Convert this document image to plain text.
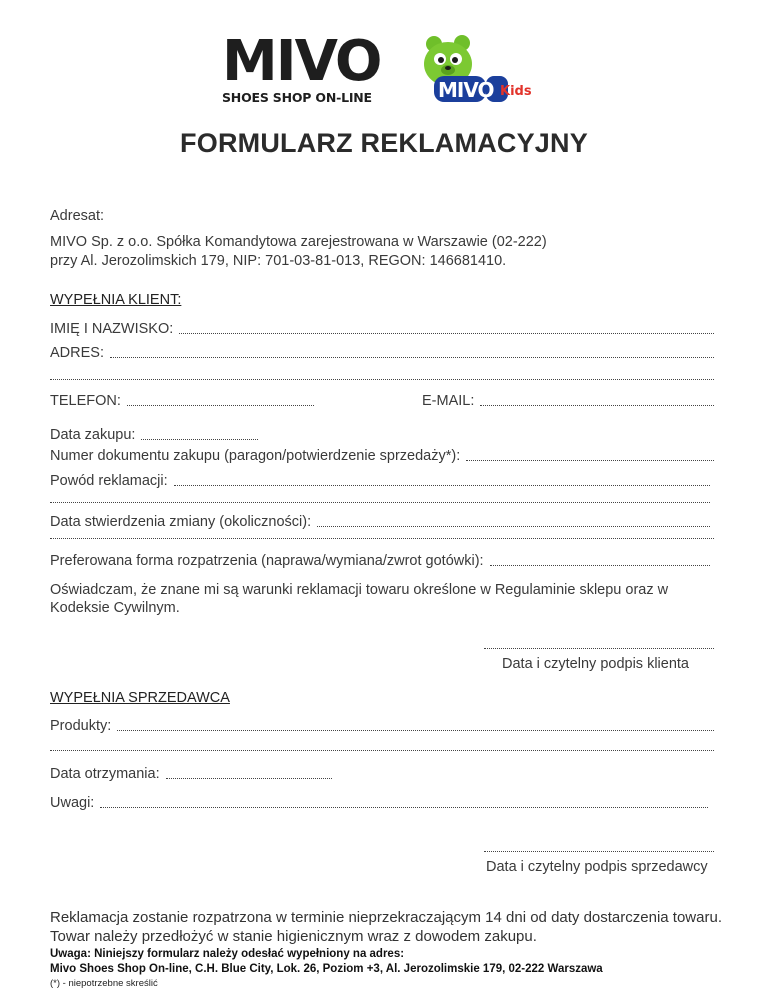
MIVO
SHOES SHOP ON-LINE	MIVO Kids
FORMULARZ REKLAMACYJNY
Adresat:
MIVO Sp. z o.o. Spółka Komandytowa zarejestrowana w Warszawie (02-222)
przy Al. Jerozolimskich 179, NIP: 701-03-81-013, REGON: 146681410.
WYPEŁNIA KLIENT:
IMIĘ I NAZWISKO:
ADRES:
TELEFON:	E-MAIL:
Data zakupu:
Numer dokumentu zakupu (paragon/potwierdzenie sprzedaży*):
Powód reklamacji:
Data stwierdzenia zmiany (okoliczności):
Preferowana forma rozpatrzenia (naprawa/wymiana/zwrot gotówki):
Oświadczam, że znane mi są warunki reklamacji towaru określone w Regulaminie sklepu oraz w
Kodeksie Cywilnym.
Data i czytelny podpis klienta
WYPEŁNIA SPRZEDAWCA
Produkty:
Data otrzymania:
Uwagi:
Data i czytelny podpis sprzedawcy
Reklamacja zostanie rozpatrzona w terminie nieprzekraczającym 14 dni od daty dostarczenia towaru.
Towar należy przedłożyć w stanie higienicznym wraz z dowodem zakupu.
Uwaga: Niniejszy formularz należy odesłać wypełniony na adres:
Mivo Shoes Shop On-line, C.H. Blue City, Lok. 26, Poziom +3, Al. Jerozolimskie 179, 02-222 Warszawa
(*) - niepotrzebne skreślić
